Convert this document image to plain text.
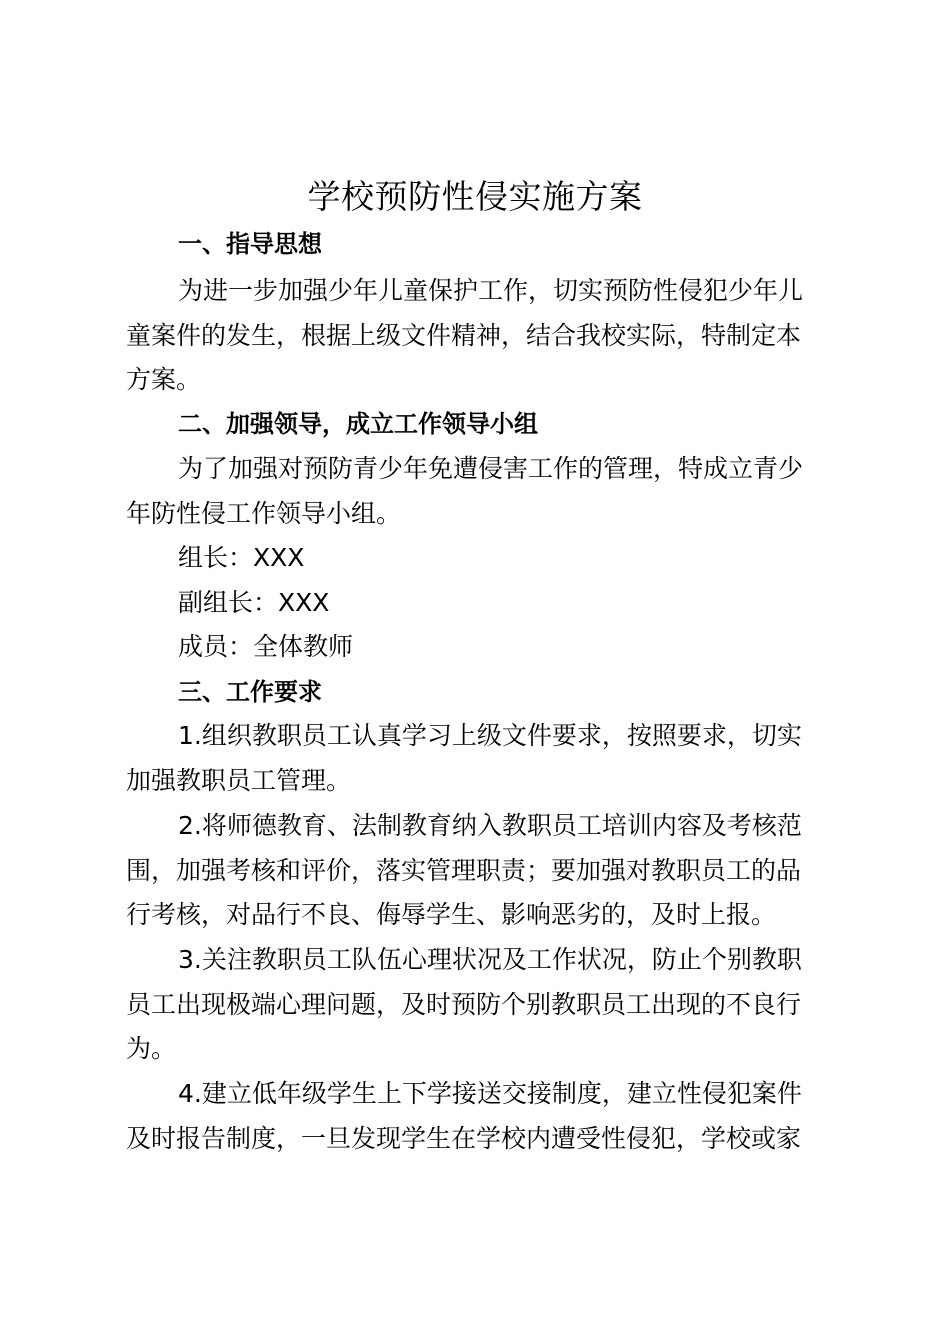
学校预防性侵实施方案
一、指导思想
为进一步加强少年儿童保护工作，切实预防性侵犯少年儿
童案件的发生，根据上级文件精神，结合我校实际，特制定本
方案。
二、加强领导，成立工作领导小组
为了加强对预防青少年免遭侵害工作的管理，特成立青少
年防性侵工作领导小组。
组长：XXX
副组长：XXX
成员：全体教师
三、工作要求
1.组织教职员工认真学习上级文件要求，按照要求，切实
加强教职员工管理。
2.将师德教育、法制教育纳入教职员工培训内容及考核范
围，加强考核和评价，落实管理职责；要加强对教职员工的品
行考核，对品行不良、侮辱学生、影响恶劣的，及时上报。
3.关注教职员工队伍心理状况及工作状况，防止个别教职
员工出现极端心理问题，及时预防个别教职员工出现的不良行
为。
4.建立低年级学生上下学接送交接制度，建立性侵犯案件
及时报告制度，一旦发现学生在学校内遭受性侵犯，学校或家
